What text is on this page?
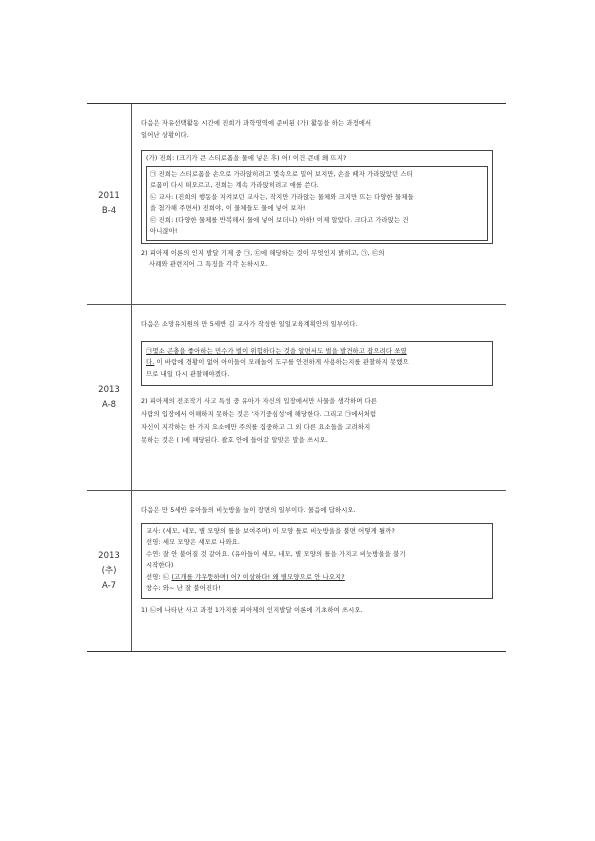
2011
B-4
다음은 자유선택활동 시간에 진희가 과학영역에 준비된 (가) 활동을 하는 과정에서
일어난 상황이다.
(가) 진희: (크기가 큰 스티로폼을 물에 넣은 후) 어! 이건 큰데 왜 뜨지?
㉠ 진희는 스티로폼을 손으로 가라앉히려고 몇속으로 밀어 보지만, 손을 떼자 가라앉았던 스티
로폼이 다시 떠오르고, 진희는 계속 가라앉히려고 애를 쓴다.
㉡ 교사: (진희의 행동을 지켜보던 교사는, 작지만 가라앉는 물체와 크지만 뜨는 다양한 물체들
을 첨가해 주면서) 진희야, 이 물체들도 물에 넣어 보자!
㉢ 진희: (다양한 물체를 반복해서 물에 넣어 보더니) 아하! 이제 알았다. 크다고 가라앉는 건
아니잖아!
2) 피아제 이론의 인지 발달 기제 중 ㉠, ㉢에 해당하는 것이 무엇인지 밝히고, ㉠, ㉢의
사례와 관련지어 그 특징을 각각 논하시오.
2013
A-8
다음은 소망유치원의 만 5세반 김 교사가 작성한 일일교육계획안의 일부이다.
㉠몇소 곤충을 좋아하는 민수가 벌이 위험하다는 것을 알면서도 벌을 발견하고 잡으려다 쏘였
다. 이 바람에 경황이 없어 아이들이 모래놀이 도구를 안전하게 사용하는지를 관찰하지 못했으
므로 내일 다시 관찰해야겠다.
2) 피아제의 전조작기 사고 특성 중 유아가 자신의 입장에서만 사물을 생각하며 다른
사람의 입장에서 이해하지 못하는 것은 '자기중심성'에 해당한다. 그리고 ㉠에서처럼
자신이 지각하는 한 가지 요소에만 주의를 집중하고 그 외 다른 요소들을 고려하지
못하는 것은 ( )에 해당된다. 괄호 안에 들어갈 알맞은 말을 쓰시오.
2013
(추)
A-7
다음은 만 5세반 유아들의 비눗방울 놀이 장면의 일부이다. 물음에 답하시오.
교사: (세모, 네모, 별 모양의 틀을 보여주며) 이 모양 틀로 비눗방울을 불면 어떻게 될까?
선영: 세모 모양은 세모로 나와요.
수연: 잘 안 불어질 것 같아요. (유아들이 세모, 네모, 별 모양의 틀을 가지고 비눗방울을 불기
시작한다)
선영: ㉡ (고개를 갸우뚱하며) 어? 이상하다! 왜 별모양으로 안 나오지?
창수: 와~ 난 잘 불어진다!
1) ㉡에 나타난 사고 과정 1가지를 피아제의 인지발달 이론에 기초하여 쓰시오.
